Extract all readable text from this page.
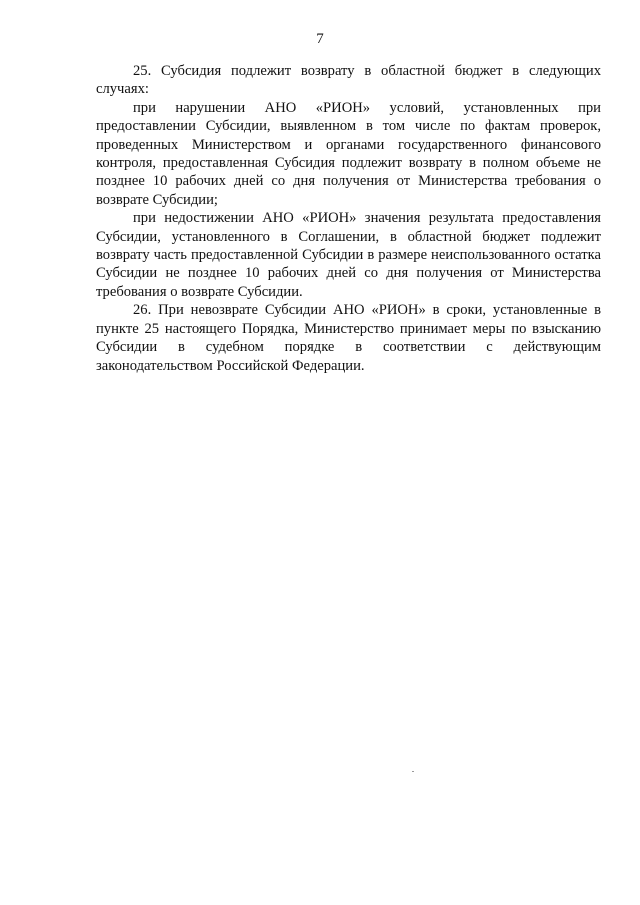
7

25. Субсидия подлежит возврату в областной бюджет в следующих случаях:

при нарушении АНО «РИОН» условий, установленных при предоставлении Субсидии, выявленном в том числе по фактам проверок, проведенных Министерством и органами государственного финансового контроля, предоставленная Субсидия подлежит возврату в полном объеме не позднее 10 рабочих дней со дня получения от Министерства требования о возврате Субсидии;

при недостижении АНО «РИОН» значения результата предоставления Субсидии, установленного в Соглашении, в областной бюджет подлежит возврату часть предоставленной Субсидии в размере неиспользованного остатка Субсидии не позднее 10 рабочих дней со дня получения от Министерства требования о возврате Субсидии.

26. При невозврате Субсидии АНО «РИОН» в сроки, установленные в пункте 25 настоящего Порядка, Министерство принимает меры по взысканию Субсидии в судебном порядке в соответствии с действующим законодательством Российской Федерации.
